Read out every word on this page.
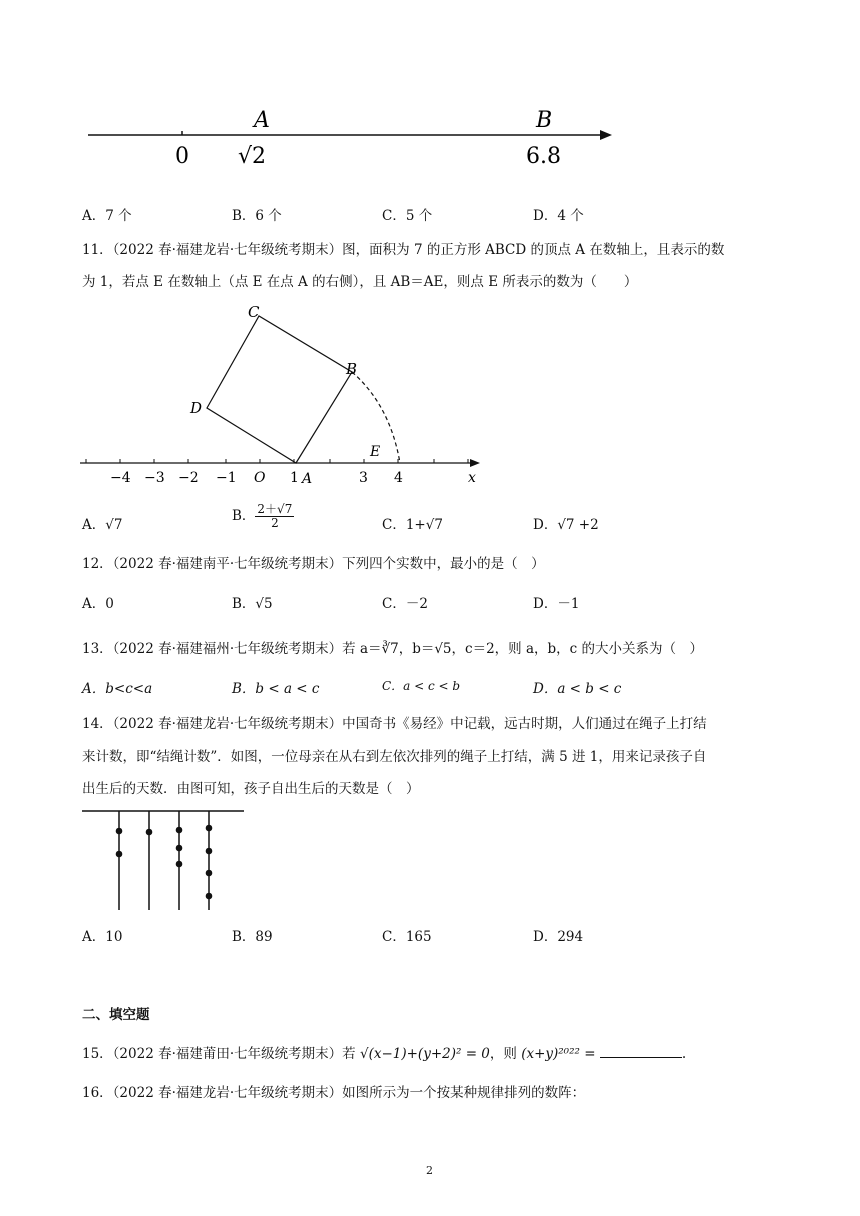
A	B
0 √2	6.8
A．7 个	B．6 个	C．5 个	D．4 个
11．（2022 春·福建龙岩·七年级统考期末）图，面积为 7 的正方形 ABCD 的顶点 A 在数轴上，且表示的数
为 1，若点 E 在数轴上（点 E 在点 A 的右侧），且 AB＝AE，则点 E 所表示的数为（　　）
C
B
D
E
A
−4 −3 −2 −1 O 1	3 4	x
A．√7
B． $\frac{2+√7}{2}$	C．1+√7	D．√7 +2
12．（2022 春·福建南平·七年级统考期末）下列四个实数中，最小的是（　）
A．0	B．√5	C．－2	D．－1
13．（2022 春·福建福州·七年级统考期末）若 a＝∛7，b＝√5，c＝2，则 a，b，c 的大小关系为（　）
A．b<c<a	B．b < a < c	C．a < c < b	D．a < b < c
14．（2022 春·福建龙岩·七年级统考期末）中国奇书《易经》中记载，远古时期，人们通过在绳子上打结
来计数，即“结绳计数”．如图，一位母亲在从右到左依次排列的绳子上打结，满 5 进 1，用来记录孩子自
出生后的天数．由图可知，孩子自出生后的天数是（　）
A．10	B．89	C．165	D．294
二、填空题
15．（2022 春·福建莆田·七年级统考期末）若 √(x−1)+(y+2)² = 0，则 (x+y)²⁰²² =	.
16．（2022 春·福建龙岩·七年级统考期末）如图所示为一个按某种规律排列的数阵：
2
